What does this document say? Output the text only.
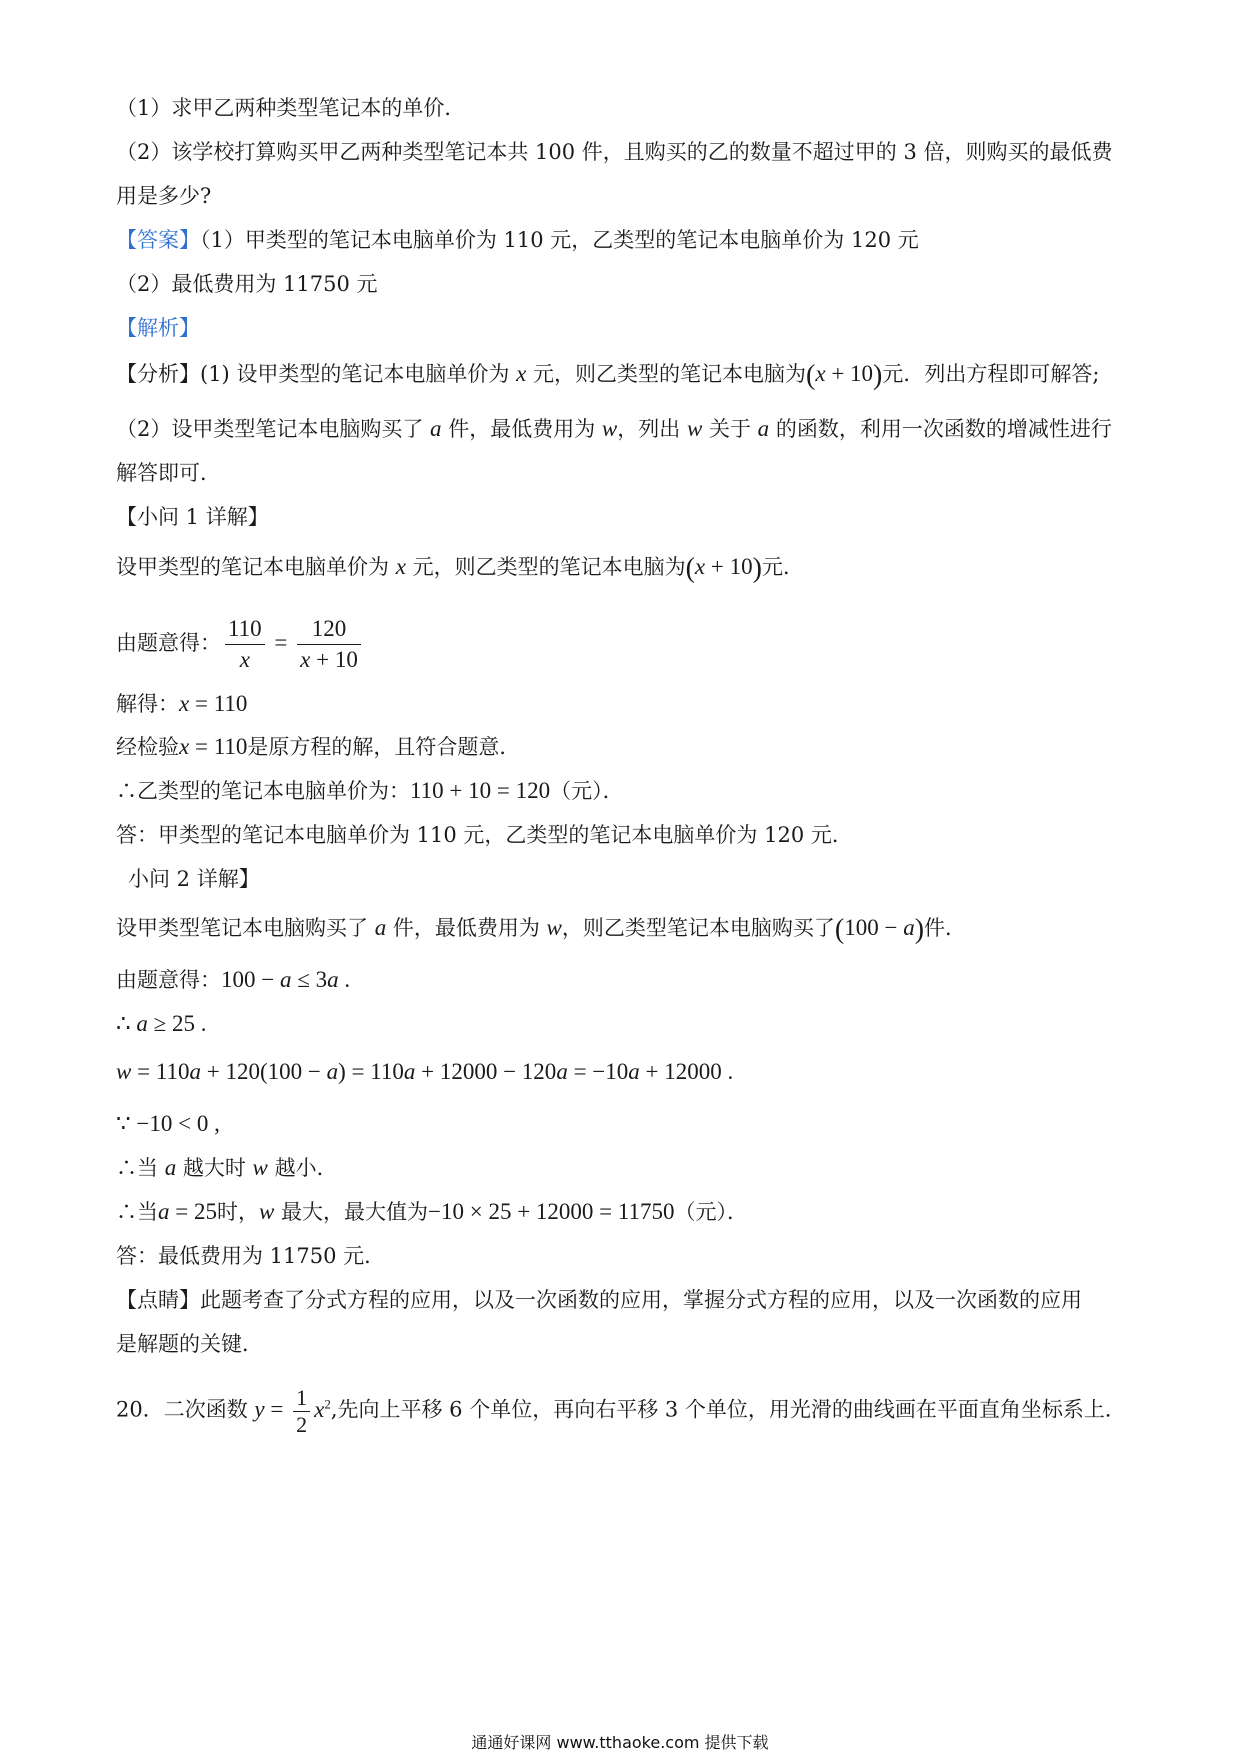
（1）求甲乙两种类型笔记本的单价．
（2）该学校打算购买甲乙两种类型笔记本共 100 件，且购买的乙的数量不超过甲的 3 倍，则购买的最低费
用是多少?
【答案】（1）甲类型的笔记本电脑单价为 110 元，乙类型的笔记本电脑单价为 120 元
（2）最低费用为 11750 元
【解析】
【分析】(1) 设甲类型的笔记本电脑单价为 x 元，则乙类型的笔记本电脑为(x + 10)元．列出方程即可解答;
（2）设甲类型笔记本电脑购买了 a 件，最低费用为 w，列出 w 关于 a 的函数，利用一次函数的增减性进行
解答即可．
【小问 1 详解】
设甲类型的笔记本电脑单价为 x 元，则乙类型的笔记本电脑为(x + 10)元．
由题意得： $\frac{110}{x} = \frac{120}{x + 10}$
解得：x = 110
经检验x = 110是原方程的解，且符合题意．
∴乙类型的笔记本电脑单价为：110 + 10 = 120（元）．
答：甲类型的笔记本电脑单价为 110 元，乙类型的笔记本电脑单价为 120 元．
小问 2 详解】
设甲类型笔记本电脑购买了 a 件，最低费用为 w，则乙类型笔记本电脑购买了(100 − a)件．
由题意得：100 − a ≤ 3a .
∴ a ≥ 25 .
w = 110a + 120(100 − a) = 110a + 12000 − 120a = −10a + 12000 .
∵ −10 < 0 ,
∴当 a 越大时 w 越小．
∴当a = 25时，w 最大，最大值为−10 × 25 + 12000 = 11750（元）．
答：最低费用为 11750 元．
【点睛】此题考查了分式方程的应用，以及一次函数的应用，掌握分式方程的应用，以及一次函数的应用
是解题的关键．
20．二次函数 $y = \frac{1}{2} x^2$,先向上平移 6 个单位，再向右平移 3 个单位，用光滑的曲线画在平面直角坐标系上．
通通好课网 www.tthaoke.com 提供下载
